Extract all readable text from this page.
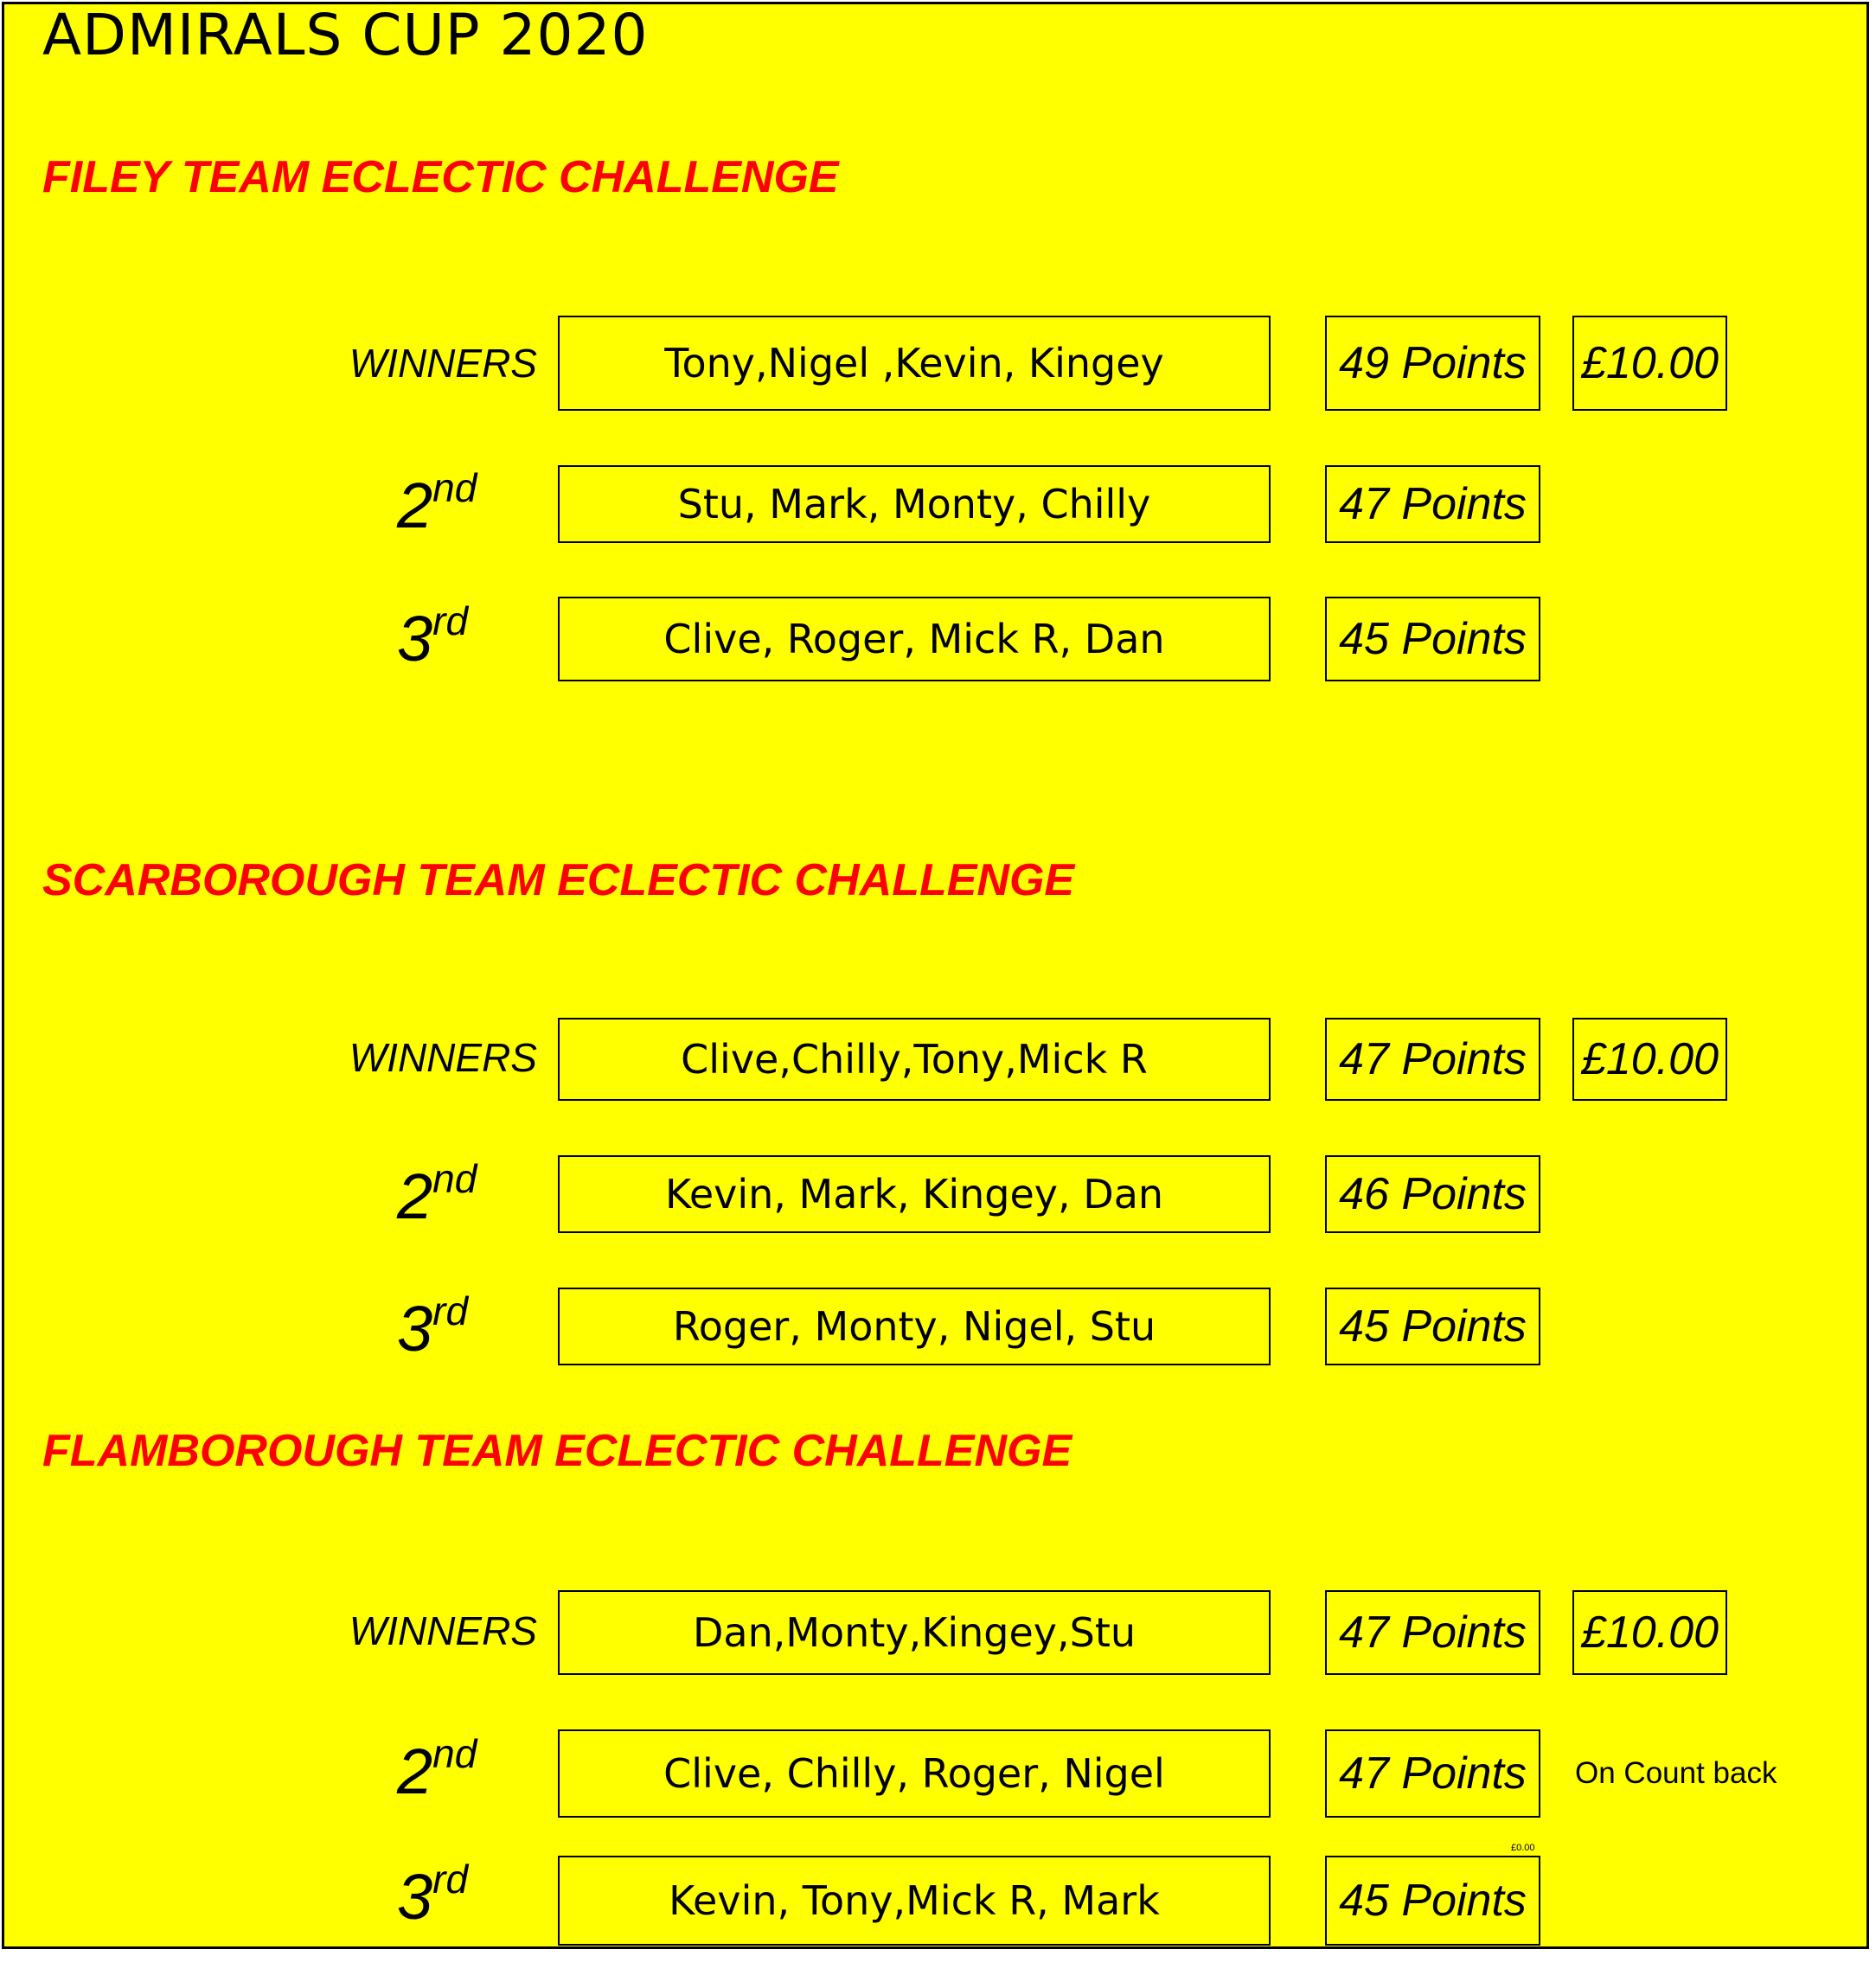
ADMIRALS CUP 2020
FILEY TEAM ECLECTIC CHALLENGE
WINNERS	Tony,Nigel ,Kevin, Kingey	49 Points	£10.00
2nd	Stu, Mark, Monty, Chilly	47 Points
3rd	Clive, Roger, Mick R, Dan	45 Points
SCARBOROUGH TEAM ECLECTIC CHALLENGE
WINNERS	Clive,Chilly,Tony,Mick R	47 Points	£10.00
2nd	Kevin, Mark, Kingey, Dan	46 Points
3rd	Roger, Monty, Nigel, Stu	45 Points
FLAMBOROUGH TEAM ECLECTIC CHALLENGE
WINNERS	Dan,Monty,Kingey,Stu	47 Points	£10.00
2nd	Clive, Chilly, Roger, Nigel	47 Points	On Count back
£0.00
3rd	Kevin, Tony,Mick R, Mark	45 Points
